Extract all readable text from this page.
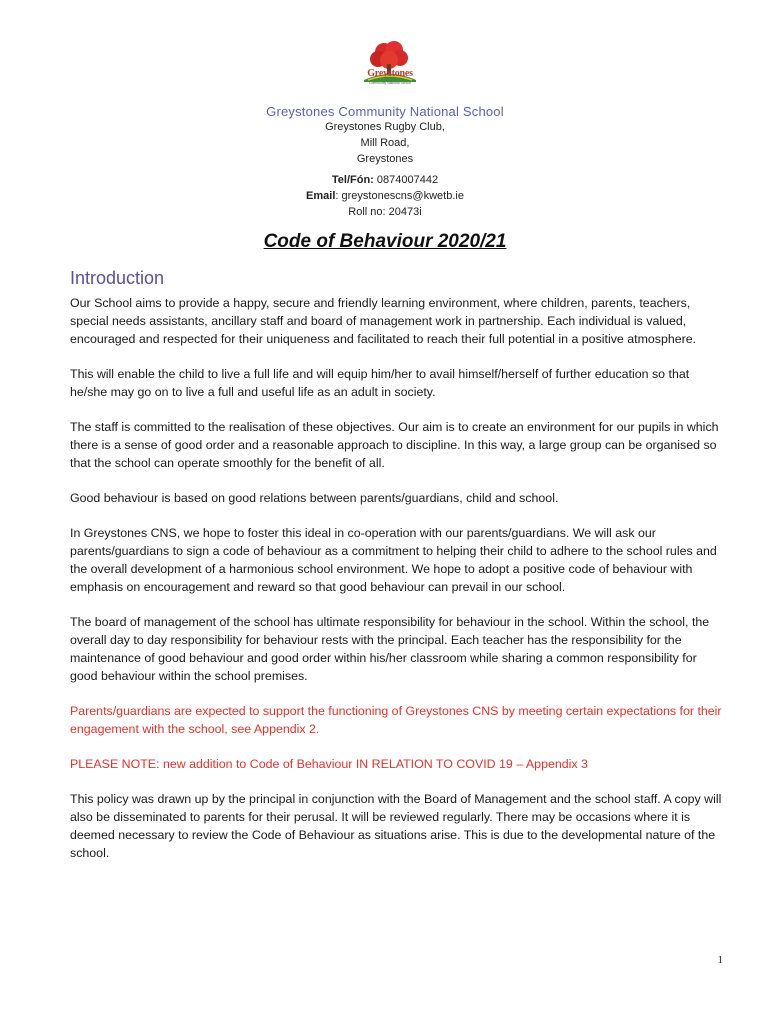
Greystones
Community National School
Greystones Community National School
Greystones Rugby Club,
Mill Road,
Greystones
Tel/Fón: 0874007442
Email: greystonescns@kwetb.ie
Roll no: 20473i
Code of Behaviour 2020/21
Introduction

Our School aims to provide a happy, secure and friendly learning environment, where children, parents, teachers, special needs assistants, ancillary staff and board of management work in partnership. Each individual is valued, encouraged and respected for their uniqueness and facilitated to reach their full potential in a positive atmosphere.

This will enable the child to live a full life and will equip him/her to avail himself/herself of further education so that he/she may go on to live a full and useful life as an adult in society.

The staff is committed to the realisation of these objectives. Our aim is to create an environment for our pupils in which there is a sense of good order and a reasonable approach to discipline. In this way, a large group can be organised so that the school can operate smoothly for the benefit of all.

Good behaviour is based on good relations between parents/guardians, child and school.

In Greystones CNS, we hope to foster this ideal in co-operation with our parents/guardians. We will ask our parents/guardians to sign a code of behaviour as a commitment to helping their child to adhere to the school rules and the overall development of a harmonious school environment. We hope to adopt a positive code of behaviour with emphasis on encouragement and reward so that good behaviour can prevail in our school.

The board of management of the school has ultimate responsibility for behaviour in the school. Within the school, the overall day to day responsibility for behaviour rests with the principal. Each teacher has the responsibility for the maintenance of good behaviour and good order within his/her classroom while sharing a common responsibility for good behaviour within the school premises.

Parents/guardians are expected to support the functioning of Greystones CNS by meeting certain expectations for their engagement with the school, see Appendix 2.

PLEASE NOTE: new addition to Code of Behaviour IN RELATION TO COVID 19 – Appendix 3

This policy was drawn up by the principal in conjunction with the Board of Management and the school staff. A copy will also be disseminated to parents for their perusal. It will be reviewed regularly. There may be occasions where it is deemed necessary to review the Code of Behaviour as situations arise. This is due to the developmental nature of the school.

1
